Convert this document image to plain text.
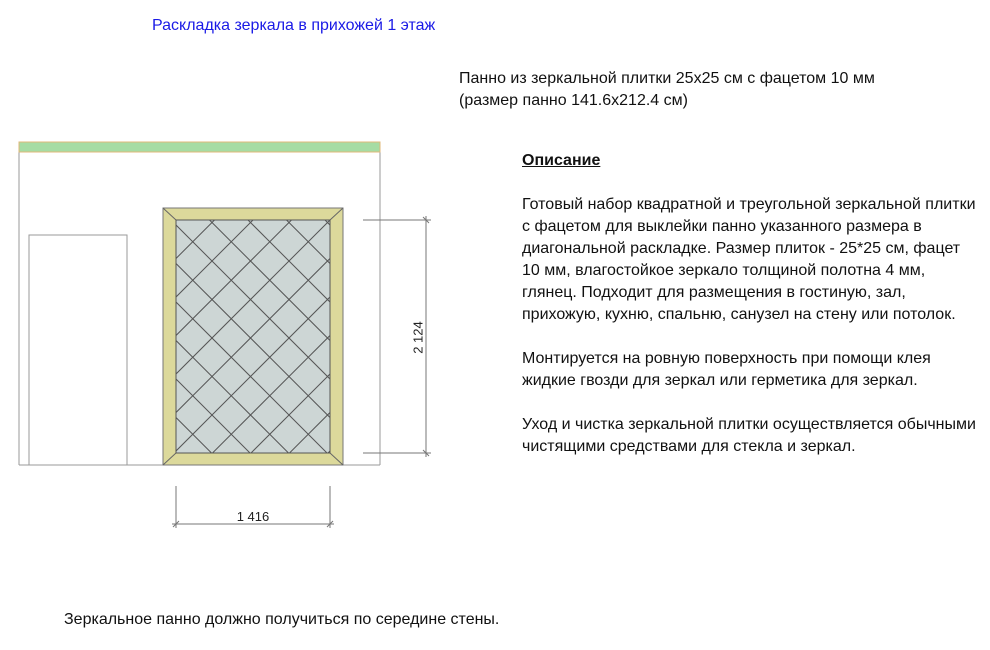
Раскладка зеркала в прихожей 1 этаж
Панно из зеркальной плитки 25x25 см с фацетом 10 мм
(размер панно 141.6x212.4 см)
2 124
1 416
Описание

Готовый набор квадратной и треугольной зеркальной плитки с фацетом для выклейки панно указанного размера в диагональной раскладке. Размер плиток - 25*25 см, фацет 10 мм, влагостойкое зеркало толщиной полотна 4 мм, глянец. Подходит для размещения в гостиную, зал, прихожую, кухню, спальню, санузел на стену или потолок.

Монтируется на ровную поверхность при помощи клея жидкие гвозди для зеркал или герметика для зеркал.

Уход и чистка зеркальной плитки осуществляется обычными чистящими средствами для стекла и зеркал.

Зеркальное панно должно получиться по середине стены.
